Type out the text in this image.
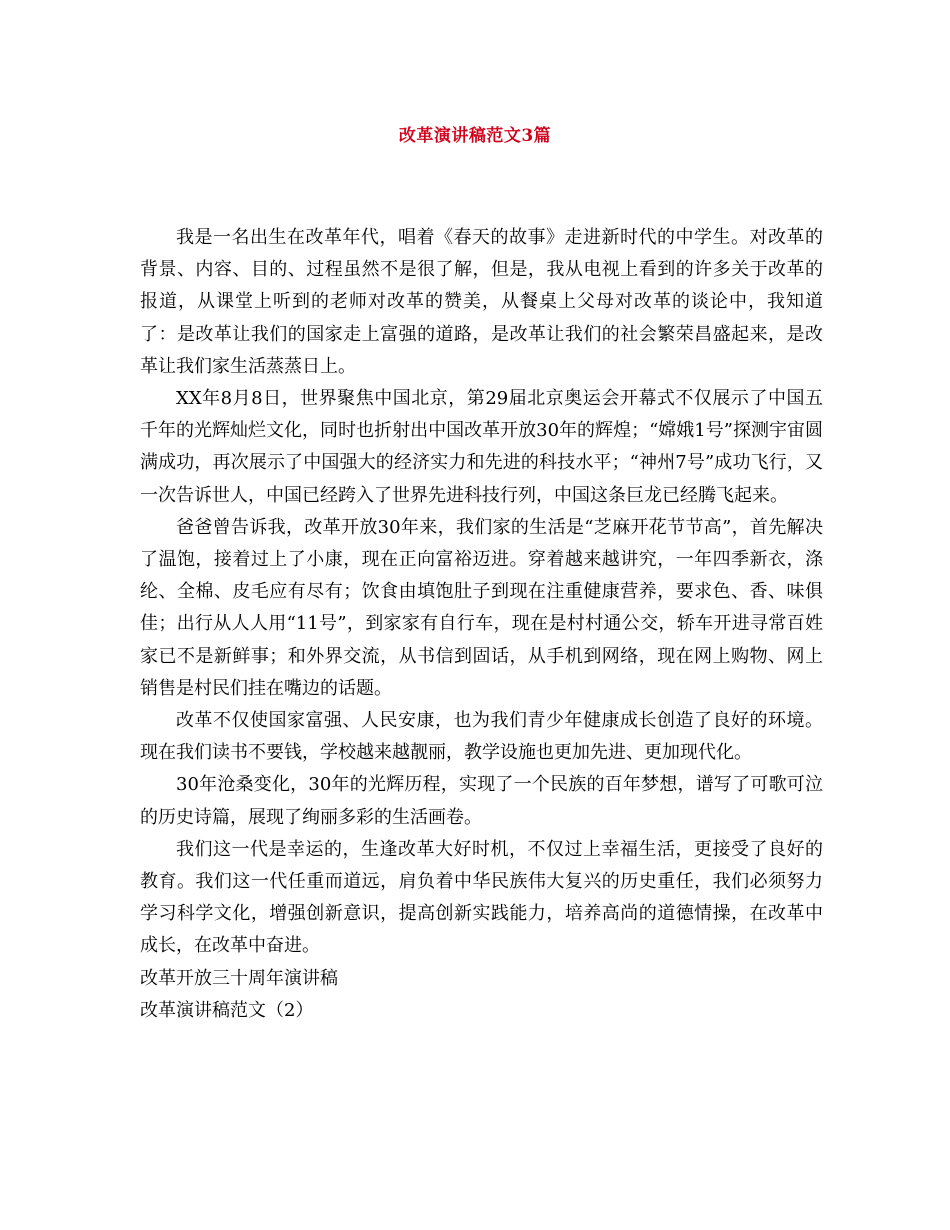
改革演讲稿范文3篇

我是一名出生在改革年代，唱着《春天的故事》走进新时代的中学生。对改革的背景、内容、目的、过程虽然不是很了解，但是，我从电视上看到的许多关于改革的报道，从课堂上听到的老师对改革的赞美，从餐桌上父母对改革的谈论中，我知道了：是改革让我们的国家走上富强的道路，是改革让我们的社会繁荣昌盛起来，是改革让我们家生活蒸蒸日上。

XX年8月8日，世界聚焦中国北京，第29届北京奥运会开幕式不仅展示了中国五千年的光辉灿烂文化，同时也折射出中国改革开放30年的辉煌；“嫦娥1号”探测宇宙圆满成功，再次展示了中国强大的经济实力和先进的科技水平；“神州7号”成功飞行，又一次告诉世人，中国已经跨入了世界先进科技行列，中国这条巨龙已经腾飞起来。

爸爸曾告诉我，改革开放30年来，我们家的生活是“芝麻开花节节高”，首先解决了温饱，接着过上了小康，现在正向富裕迈进。穿着越来越讲究，一年四季新衣，涤纶、全棉、皮毛应有尽有；饮食由填饱肚子到现在注重健康营养，要求色、香、味俱佳；出行从人人用“11号”，到家家有自行车，现在是村村通公交，轿车开进寻常百姓家已不是新鲜事；和外界交流，从书信到固话，从手机到网络，现在网上购物、网上销售是村民们挂在嘴边的话题。

改革不仅使国家富强、人民安康，也为我们青少年健康成长创造了良好的环境。现在我们读书不要钱，学校越来越靓丽，教学设施也更加先进、更加现代化。

30年沧桑变化，30年的光辉历程，实现了一个民族的百年梦想，谱写了可歌可泣的历史诗篇，展现了绚丽多彩的生活画卷。

我们这一代是幸运的，生逢改革大好时机，不仅过上幸福生活，更接受了良好的教育。我们这一代任重而道远，肩负着中华民族伟大复兴的历史重任，我们必须努力学习科学文化，增强创新意识，提高创新实践能力，培养高尚的道德情操，在改革中成长，在改革中奋进。

改革开放三十周年演讲稿

改革演讲稿范文（2）
